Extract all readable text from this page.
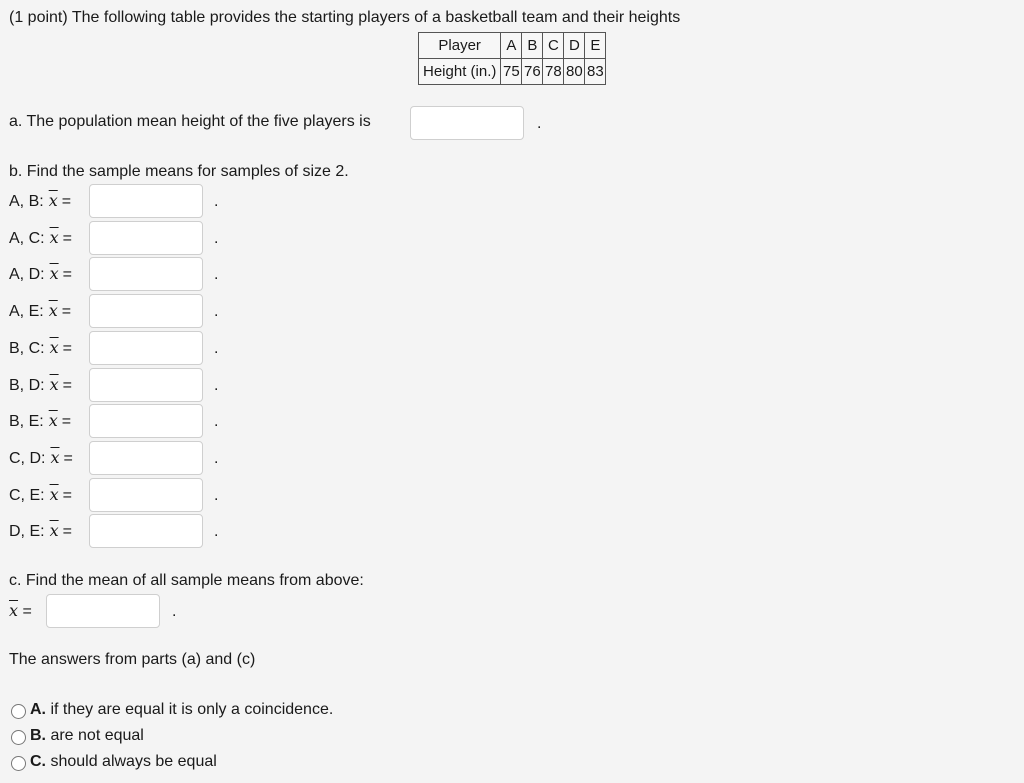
(1 point) The following table provides the starting players of a basketball team and their heights
Player	A	B	C	D	E
Height (in.)	75	76	78	80	83
a. The population mean height of the five players is	.
b. Find the sample means for samples of size 2.
A, B: $\overline{x}$ =	.
A, C: $\overline{x}$ =	.
A, D: $\overline{x}$ =	.
A, E: $\overline{x}$ =	.
B, C: $\overline{x}$ =	.
B, D: $\overline{x}$ =	.
B, E: $\overline{x}$ =	.
C, D: $\overline{x}$ =	.
C, E: $\overline{x}$ =	.
D, E: $\overline{x}$ =	.
c. Find the mean of all sample means from above:
$\overline{x}$ =	.
The answers from parts (a) and (c)
A. if they are equal it is only a coincidence.
B. are not equal
C. should always be equal
